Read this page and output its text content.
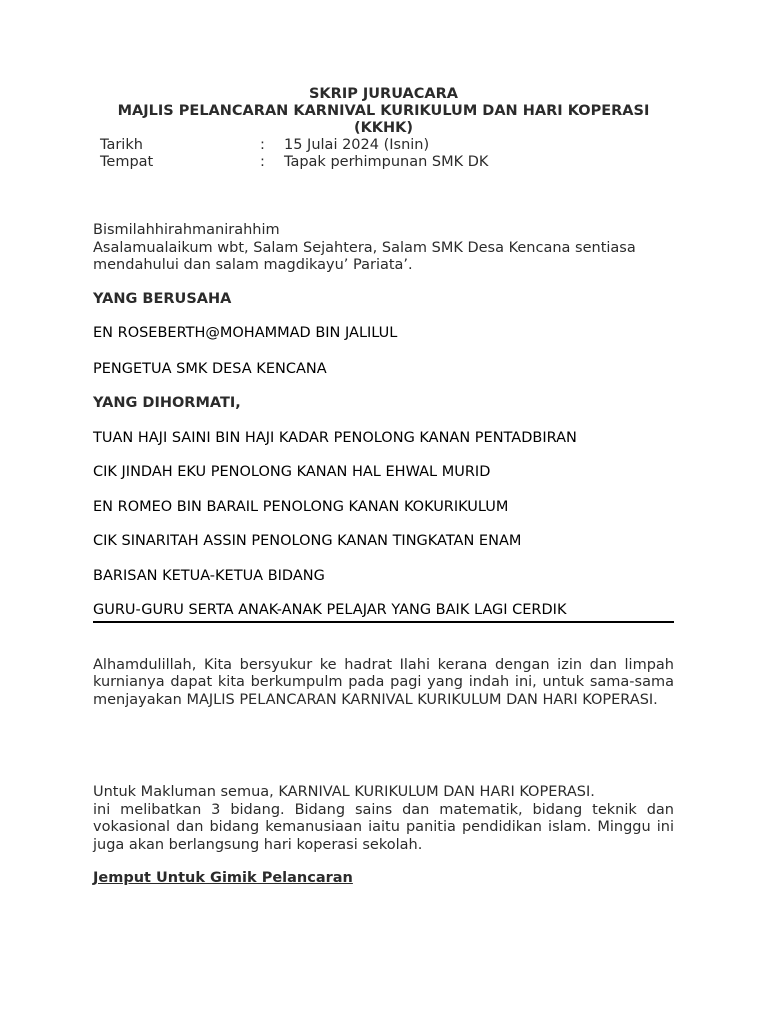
SKRIP JURUACARA
MAJLIS PELANCARAN KARNIVAL KURIKULUM DAN HARI KOPERASI
(KKHK)
Tarikh	:	15 Julai 2024 (Isnin)
Tempat	:	Tapak perhimpunan SMK DK
Bismilahhirahmanirahhim
Asalamualaikum wbt, Salam Sejahtera, Salam SMK Desa Kencana sentiasa mendahului dan salam magdikayu’ Pariata’.
YANG BERUSAHA
EN ROSEBERTH@MOHAMMAD BIN JALILUL
PENGETUA SMK DESA KENCANA
YANG DIHORMATI,
TUAN HAJI SAINI BIN HAJI KADAR PENOLONG KANAN PENTADBIRAN
CIK JINDAH EKU PENOLONG KANAN HAL EHWAL MURID
EN ROMEO BIN BARAIL PENOLONG KANAN KOKURIKULUM
CIK SINARITAH ASSIN PENOLONG KANAN TINGKATAN ENAM
BARISAN KETUA-KETUA BIDANG
GURU-GURU SERTA ANAK-ANAK PELAJAR YANG BAIK LAGI CERDIK
Alhamdulillah, Kita bersyukur ke hadrat Ilahi kerana dengan izin dan limpah kurnianya dapat kita berkumpulm pada pagi yang indah ini, untuk sama-sama menjayakan MAJLIS PELANCARAN KARNIVAL KURIKULUM DAN HARI KOPERASI.
Untuk Makluman semua, KARNIVAL KURIKULUM DAN HARI KOPERASI.
ini melibatkan 3 bidang. Bidang sains dan matematik, bidang teknik dan vokasional dan bidang kemanusiaan iaitu panitia pendidikan islam. Minggu ini juga akan berlangsung hari koperasi sekolah.
Jemput Untuk Gimik Pelancaran
